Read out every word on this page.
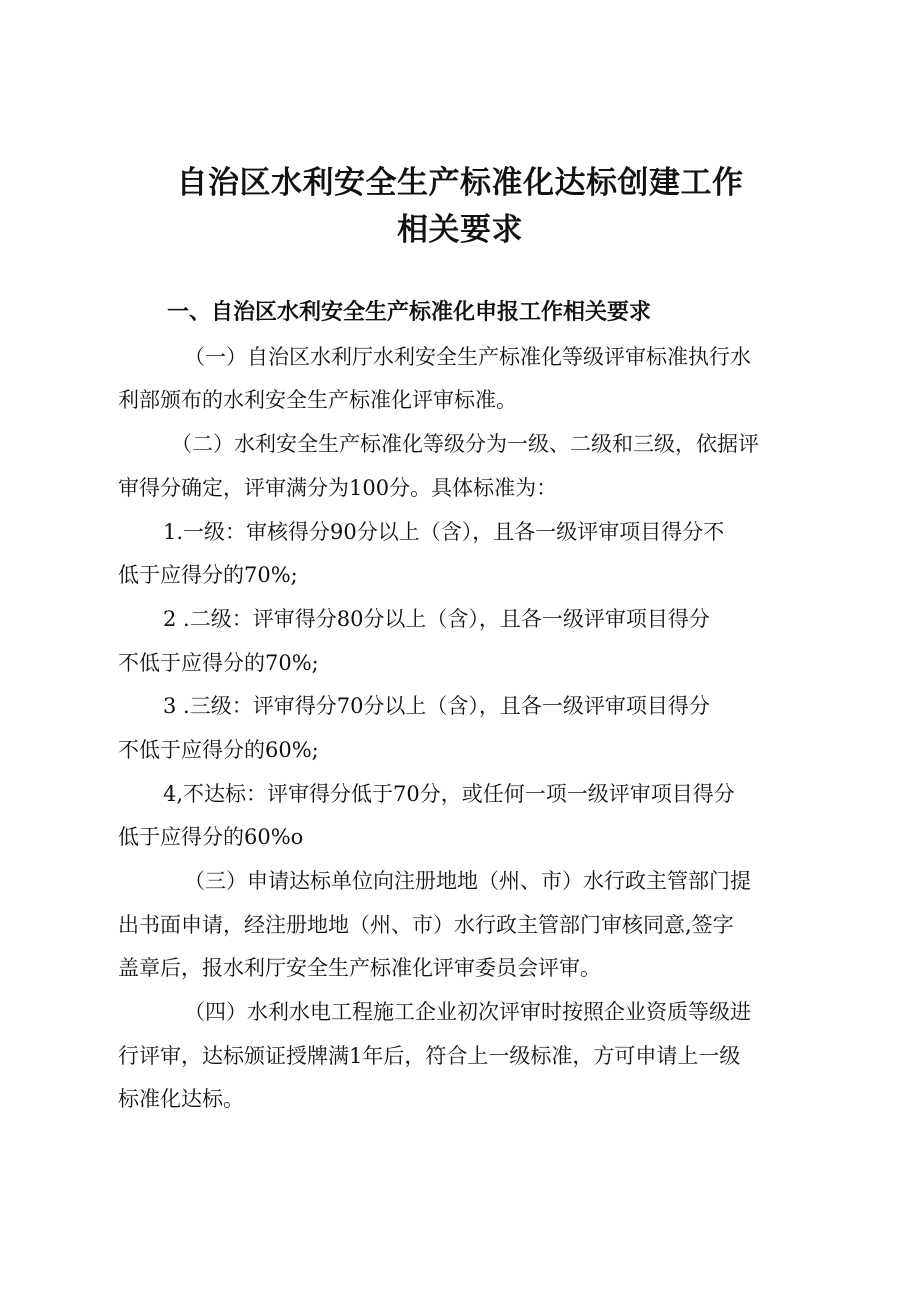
自治区水利安全生产标准化达标创建工作
相关要求
一、自治区水利安全生产标准化申报工作相关要求
（一）自治区水利厅水利安全生产标准化等级评审标准执行水
利部颁布的水利安全生产标准化评审标准。
（二）水利安全生产标准化等级分为一级、二级和三级，依据评
审得分确定，评审满分为100分。具体标准为：
1.一级：审核得分90分以上（含），且各一级评审项目得分不
低于应得分的70%;
2 .二级：评审得分80分以上（含），且各一级评审项目得分
不低于应得分的70%;
3 .三级：评审得分70分以上（含），且各一级评审项目得分
不低于应得分的60%;
4,不达标：评审得分低于70分，或任何一项一级评审项目得分
低于应得分的60%o
（三）申请达标单位向注册地地（州、市）水行政主管部门提
出书面申请，经注册地地（州、市）水行政主管部门审核同意,签字
盖章后，报水利厅安全生产标准化评审委员会评审。
（四）水利水电工程施工企业初次评审时按照企业资质等级进
行评审，达标颁证授牌满1年后，符合上一级标准，方可申请上一级
标准化达标。
